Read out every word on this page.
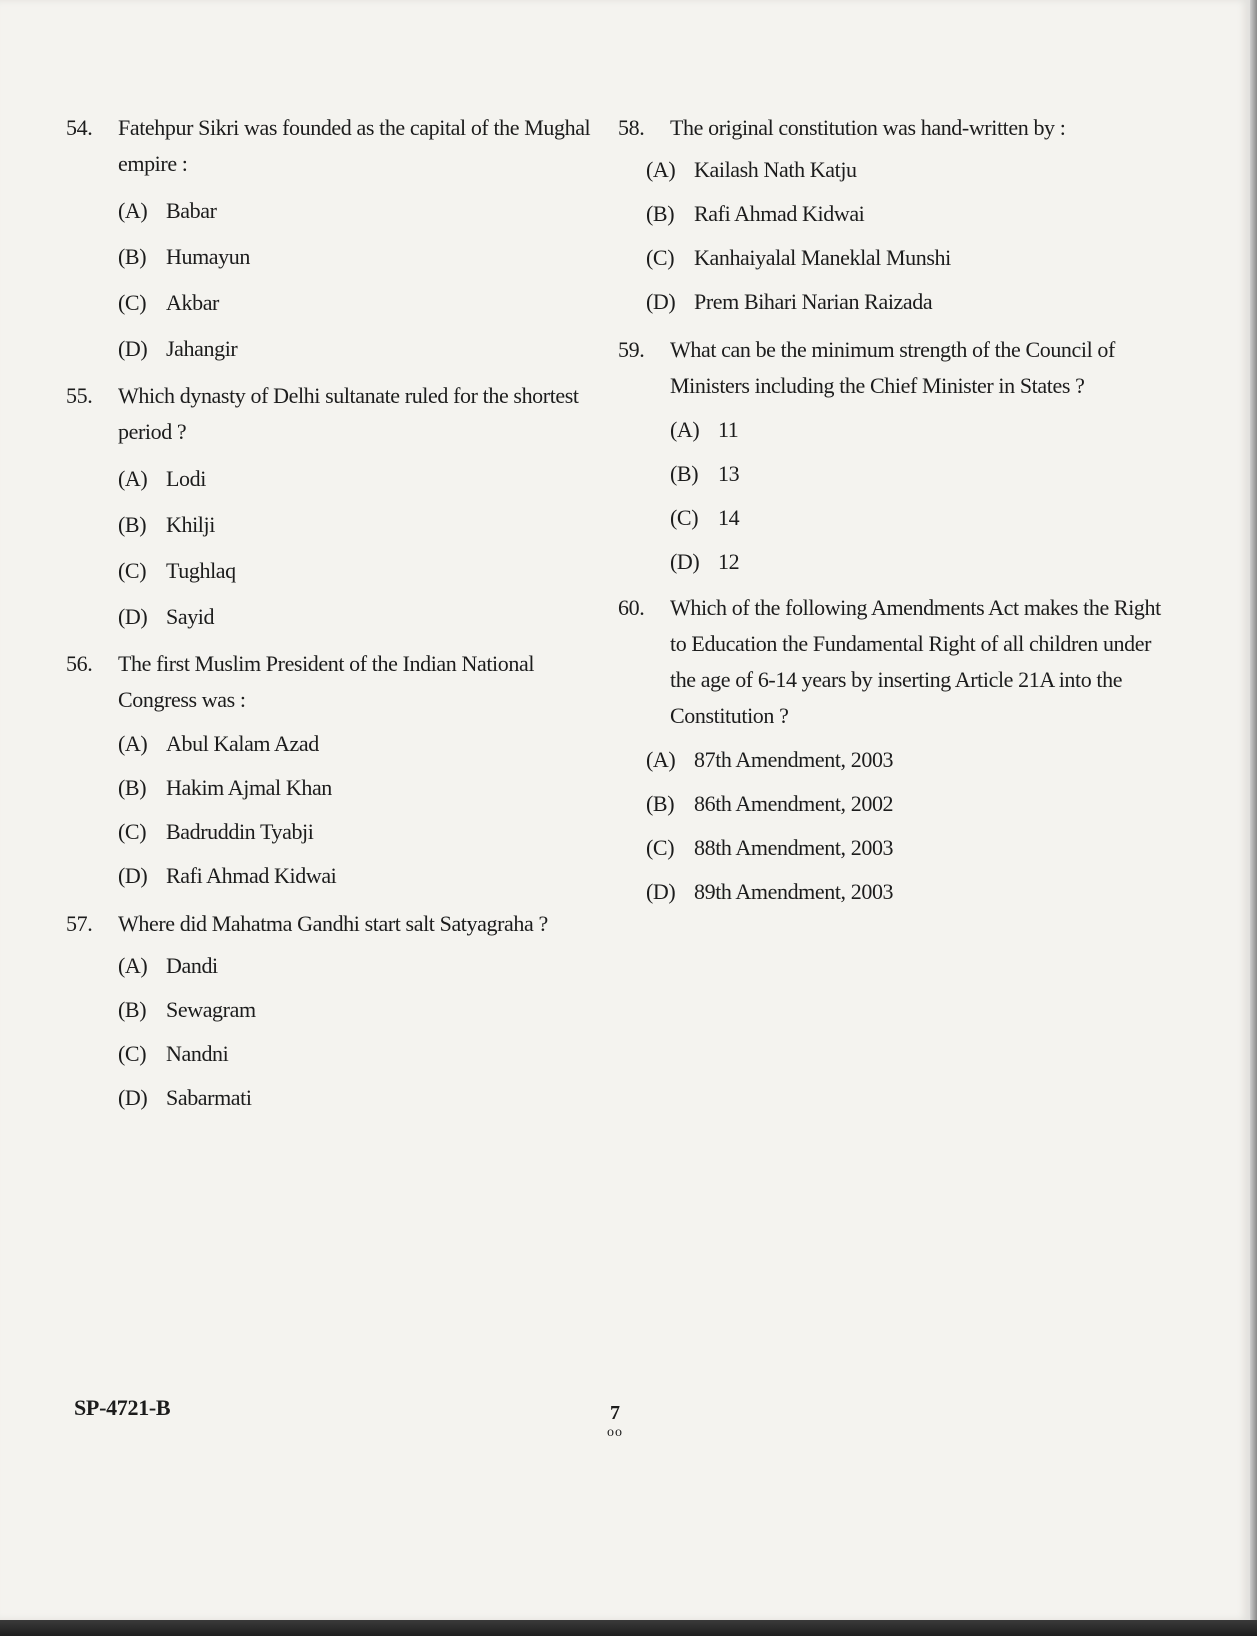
54.	Fatehpur Sikri was founded as the capital of the Mughal empire :
(A) Babar
(B) Humayun
(C) Akbar
(D) Jahangir
55.	Which dynasty of Delhi sultanate ruled for the shortest period ?
(A) Lodi
(B) Khilji
(C) Tughlaq
(D) Sayid
56.	The first Muslim President of the Indian National Congress was :
(A) Abul Kalam Azad
(B) Hakim Ajmal Khan
(C) Badruddin Tyabji
(D) Rafi Ahmad Kidwai
57.	Where did Mahatma Gandhi start salt Satyagraha ?
(A) Dandi
(B) Sewagram
(C) Nandni
(D) Sabarmati
58.	The original constitution was hand-written by :
(A) Kailash Nath Katju
(B) Rafi Ahmad Kidwai
(C) Kanhaiyalal Maneklal Munshi
(D) Prem Bihari Narian Raizada
59.	What can be the minimum strength of the Council of Ministers including the Chief Minister in States ?
(A) 11
(B) 13
(C) 14
(D) 12
60.	Which of the following Amendments Act makes the Right to Education the Fundamental Right of all children under the age of 6-14 years by inserting Article 21A into the Constitution ?
(A) 87th Amendment, 2003
(B) 86th Amendment, 2002
(C) 88th Amendment, 2003
(D) 89th Amendment, 2003
SP-4721-B	7
oo
